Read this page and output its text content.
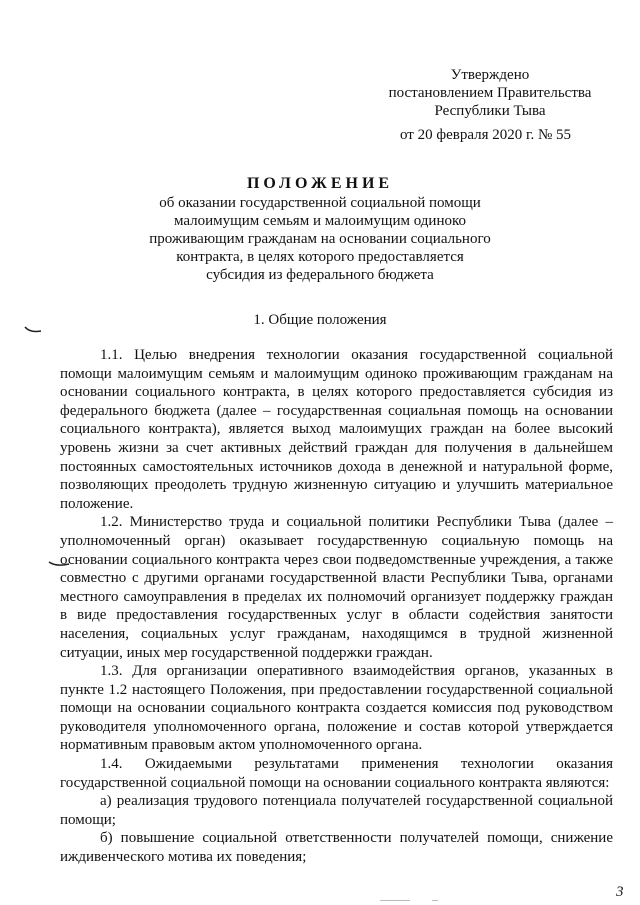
Утверждено
постановлением Правительства
Республики Тыва
от 20 февраля 2020 г. № 55
ПОЛОЖЕНИЕ
об оказании государственной социальной помощи
малоимущим семьям и малоимущим одиноко
проживающим гражданам на основании социального
контракта, в целях которого предоставляется
субсидия из федерального бюджета
1. Общие положения

1.1. Целью внедрения технологии оказания государственной социальной помощи малоимущим семьям и малоимущим одиноко проживающим гражданам на основании социального контракта, в целях которого предоставляется субсидия из федерального бюджета (далее – государственная социальная помощь на основании социального контракта), является выход малоимущих граждан на более высокий уровень жизни за счет активных действий граждан для получения в дальнейшем постоянных самостоятельных источников дохода в денежной и натуральной форме, позволяющих преодолеть трудную жизненную ситуацию и улучшить материальное положение.

1.2. Министерство труда и социальной политики Республики Тыва (далее – уполномоченный орган) оказывает государственную социальную помощь на основании социального контракта через свои подведомственные учреждения, а также совместно с другими органами государственной власти Республики Тыва, органами местного самоуправления в пределах их полномочий организует поддержку граждан в виде предоставления государственных услуг в области содействия занятости населения, социальных услуг гражданам, находящимся в трудной жизненной ситуации, иных мер государственной поддержки граждан.

1.3. Для организации оперативного взаимодействия органов, указанных в пункте 1.2 настоящего Положения, при предоставлении государственной социальной помощи на основании социального контракта создается комиссия под руководством руководителя уполномоченного органа, положение и состав которой утверждается нормативным правовым актом уполномоченного органа.

1.4. Ожидаемыми результатами применения технологии оказания государственной социальной помощи на основании социального контракта являются:

а) реализация трудового потенциала получателей государственной социальной помощи;

б) повышение социальной ответственности получателей помощи, снижение иждивенческого мотива их поведения;

3
